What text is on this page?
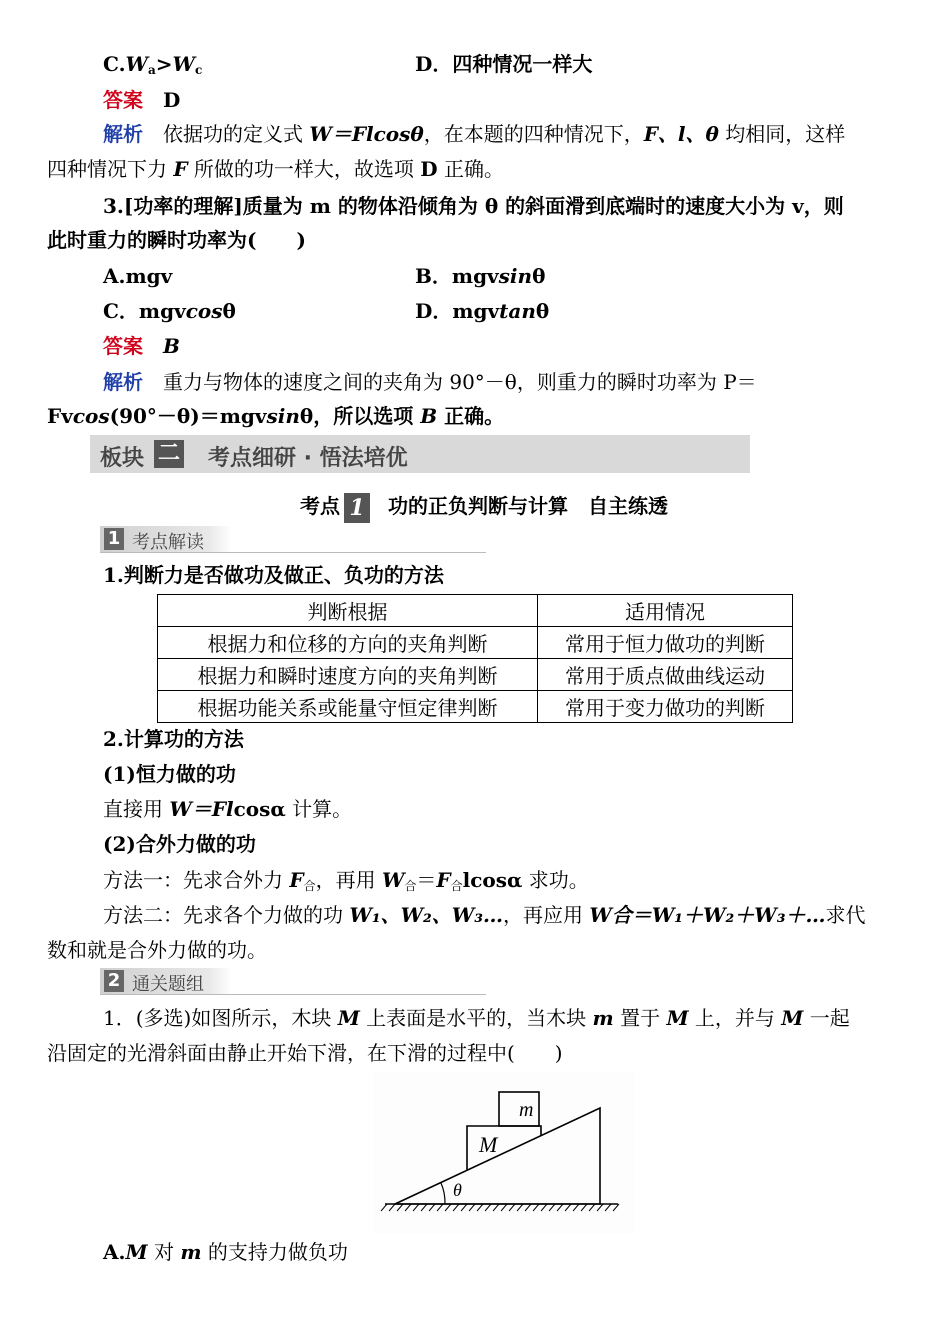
$C.W_a>W_c$	D．四种情况一样大
答案 D
解析 依据功的定义式 W＝Flcosθ，在本题的四种情况下，F、l、θ 均相同，这样
四种情况下力 F 所做的功一样大，故选项 D 正确。
3.[功率的理解]质量为 m 的物体沿倾角为 θ 的斜面滑到底端时的速度大小为 v，则
此时重力的瞬时功率为(　　)
A.mgv	B．mgvsinθ
C．mgvcosθ	D．mgvtanθ
答案 B
解析 重力与物体的速度之间的夹角为 90°－θ，则重力的瞬时功率为 P＝
Fvcos(90°－θ)＝mgvsinθ，所以选项 B 正确。
板块 二 考点细研 · 悟法培优
考点 1 功的正负判断与计算　自主练透
1 考点解读
1.判断力是否做功及做正、负功的方法
判断根据	适用情况
根据力和位移的方向的夹角判断	常用于恒力做功的判断
根据力和瞬时速度方向的夹角判断	常用于质点做曲线运动
根据功能关系或能量守恒定律判断	常用于变力做功的判断
2.计算功的方法
(1)恒力做的功
直接用 W＝Flcosα 计算。
(2)合外力做的功
方法一：先求合外力 $F_合$，再用 $W_合=F_合lcos\alpha$ 求功。
方法二：先求各个力做的功 W₁、W₂、W₃…，再应用 W合＝W₁＋W₂＋W₃＋…求代
数和就是合外力做的功。
2 通关题组
1．(多选)如图所示，木块 M 上表面是水平的，当木块 m 置于 M 上，并与 M 一起
沿固定的光滑斜面由静止开始下滑，在下滑的过程中(　　)
m
M
θ
A.M 对 m 的支持力做负功
